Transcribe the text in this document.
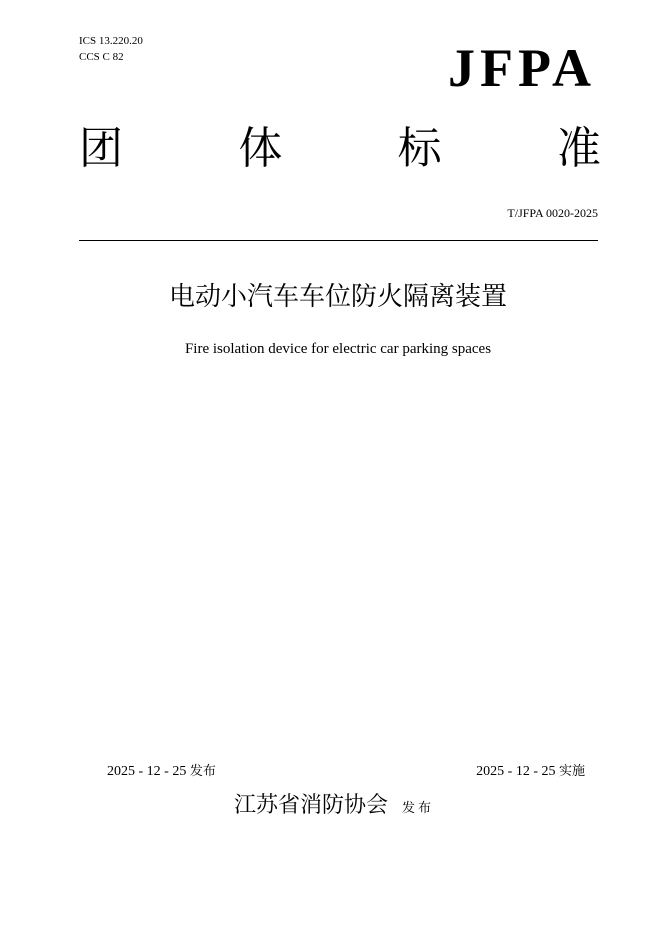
ICS 13.220.20
CCS C 82	JFPA
团	体	标	准
T/JFPA 0020-2025
电动小汽车车位防火隔离装置
Fire isolation device for electric car parking spaces
2025 - 12 - 25 发布	2025 - 12 - 25 实施
江苏省消防协会 发布
